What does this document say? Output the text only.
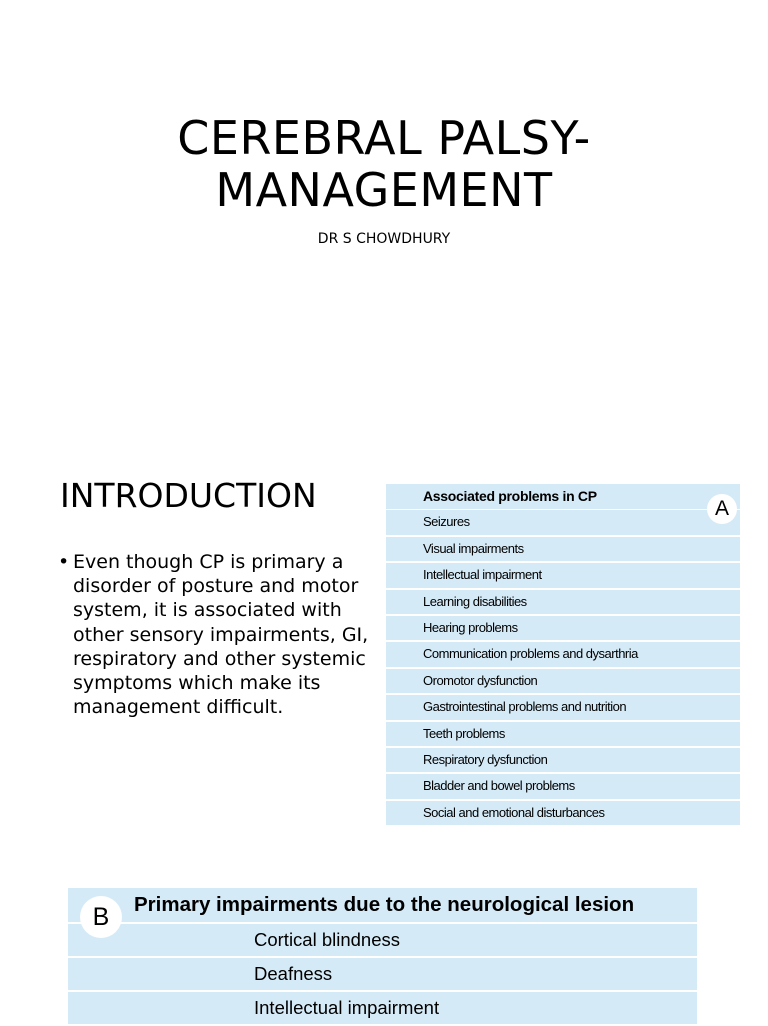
CEREBRAL PALSY-
MANAGEMENT
DR S CHOWDHURY
INTRODUCTION
• Even though CP is primary a disorder of posture and motor system, it is associated with other sensory impairments, GI, respiratory and other systemic symptoms which make its management difficult.
Associated problems in CP
Seizures
Visual impairments
Intellectual impairment
Learning disabilities
Hearing problems
Communication problems and dysarthria
Oromotor dysfunction
Gastrointestinal problems and nutrition
Teeth problems
Respiratory dysfunction
Bladder and bowel problems
Social and emotional disturbances
A
Primary impairments due to the neurological lesion
Cortical blindness
Deafness
Intellectual impairment
B
